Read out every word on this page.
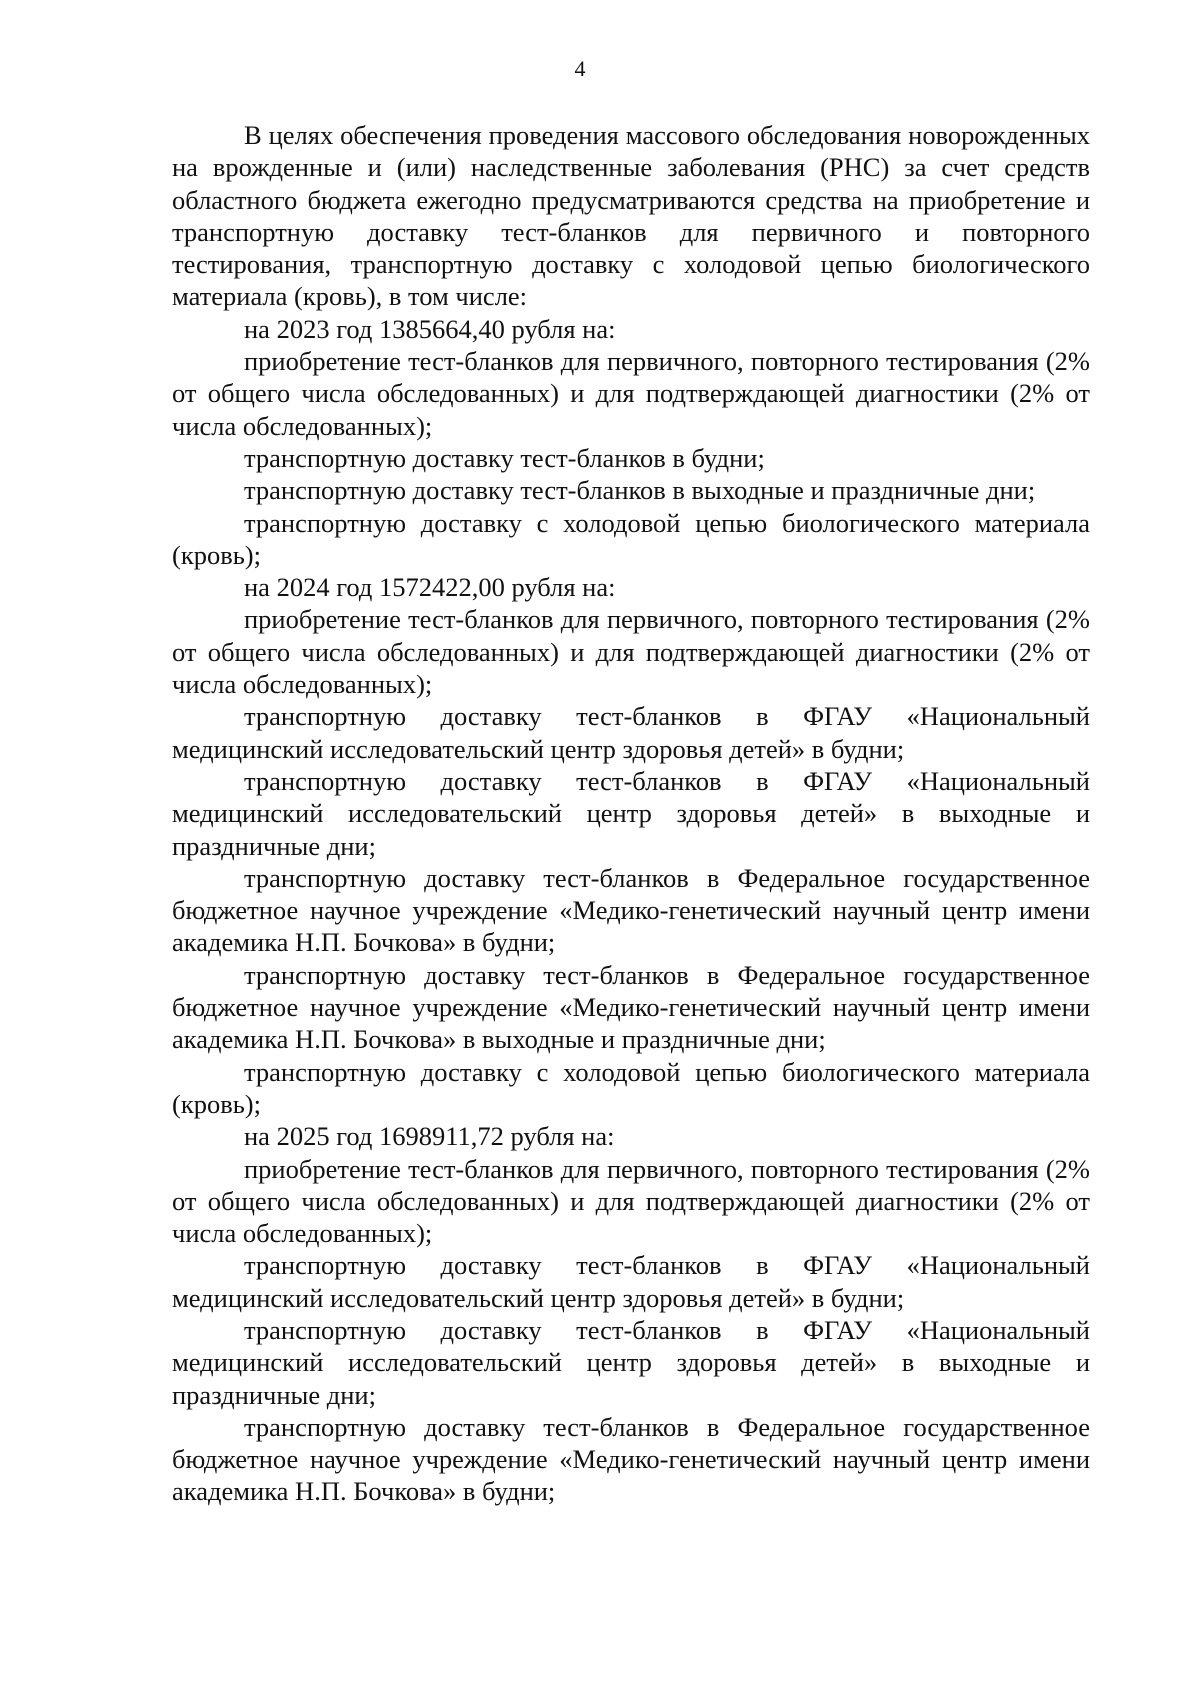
4

В целях обеспечения проведения массового обследования новорожденных на врожденные и (или) наследственные заболевания (РНС) за счет средств областного бюджета ежегодно предусматриваются средства на приобретение и транспортную доставку тест-бланков для первичного и повторного тестирования, транспортную доставку с холодовой цепью биологического материала (кровь), в том числе:

на 2023 год 1385664,40 рубля на:

приобретение тест-бланков для первичного, повторного тестирования (2% от общего числа обследованных) и для подтверждающей диагностики (2% от числа обследованных);

транспортную доставку тест-бланков в будни;

транспортную доставку тест-бланков в выходные и праздничные дни;

транспортную доставку с холодовой цепью биологического материала (кровь);

на 2024 год 1572422,00 рубля на:

приобретение тест-бланков для первичного, повторного тестирования (2% от общего числа обследованных) и для подтверждающей диагностики (2% от числа обследованных);

транспортную доставку тест-бланков в ФГАУ «Национальный медицинский исследовательский центр здоровья детей» в будни;

транспортную доставку тест-бланков в ФГАУ «Национальный медицинский исследовательский центр здоровья детей» в выходные и праздничные дни;

транспортную доставку тест-бланков в Федеральное государственное бюджетное научное учреждение «Медико-генетический научный центр имени академика Н.П. Бочкова» в будни;

транспортную доставку тест-бланков в Федеральное государственное бюджетное научное учреждение «Медико-генетический научный центр имени академика Н.П. Бочкова» в выходные и праздничные дни;

транспортную доставку с холодовой цепью биологического материала (кровь);

на 2025 год 1698911,72 рубля на:

приобретение тест-бланков для первичного, повторного тестирования (2% от общего числа обследованных) и для подтверждающей диагностики (2% от числа обследованных);

транспортную доставку тест-бланков в ФГАУ «Национальный медицинский исследовательский центр здоровья детей» в будни;

транспортную доставку тест-бланков в ФГАУ «Национальный медицинский исследовательский центр здоровья детей» в выходные и праздничные дни;

транспортную доставку тест-бланков в Федеральное государственное бюджетное научное учреждение «Медико-генетический научный центр имени академика Н.П. Бочкова» в будни;
